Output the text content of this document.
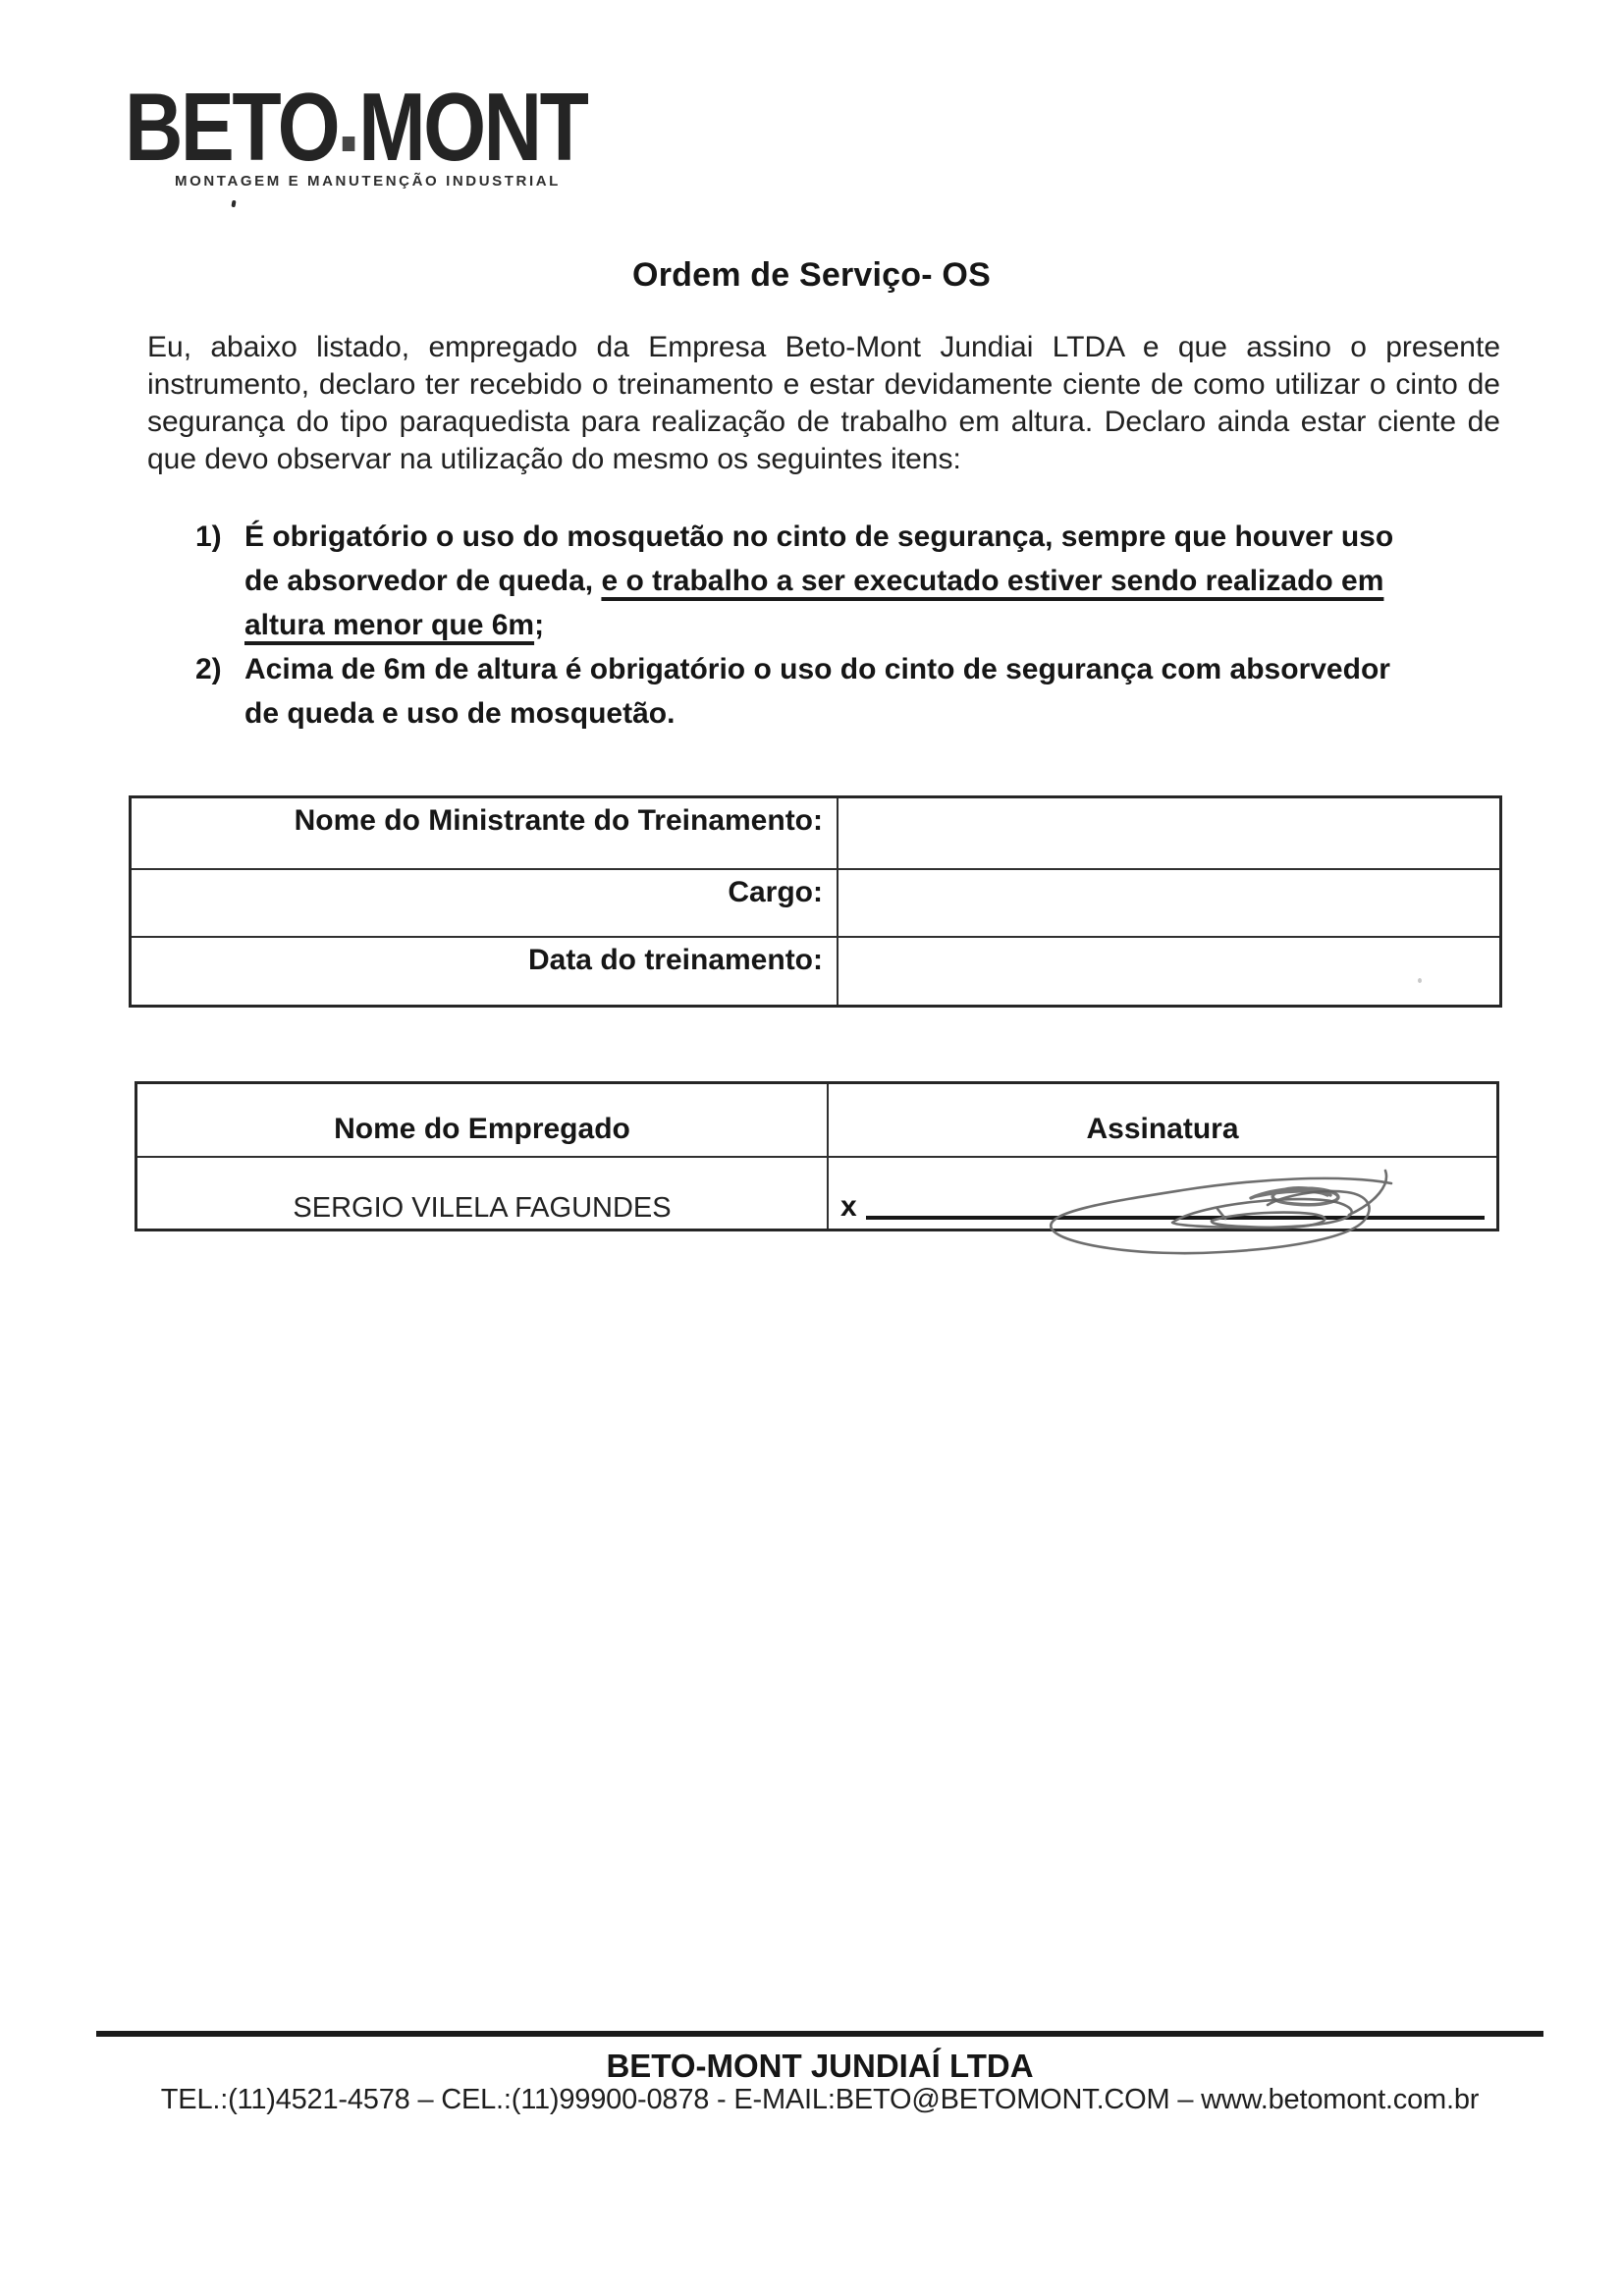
BETO MONT
MONTAGEM E MANUTENÇÃO INDUSTRIAL
Ordem de Serviço- OS
Eu, abaixo listado, empregado da Empresa Beto-Mont Jundiai LTDA e que assino o presente instrumento, declaro ter recebido o treinamento e estar devidamente ciente de como utilizar o cinto de segurança do tipo paraquedista para realização de trabalho em altura. Declaro ainda estar ciente de que devo observar na utilização do mesmo os seguintes itens:
1) É obrigatório o uso do mosquetão no cinto de segurança, sempre que houver uso
de absorvedor de queda, e o trabalho a ser executado estiver sendo realizado em
altura menor que 6m;
2) Acima de 6m de altura é obrigatório o uso do cinto de segurança com absorvedor
de queda e uso de mosquetão.
Nome do Ministrante do Treinamento:	
Cargo:	
Data do treinamento:	
Nome do Empregado	Assinatura
SERGIO VILELA FAGUNDES	x
BETO-MONT JUNDIAÍ LTDA
TEL.:(11)4521-4578 – CEL.:(11)99900-0878 - E-MAIL:BETO@BETOMONT.COM – www.betomont.com.br
